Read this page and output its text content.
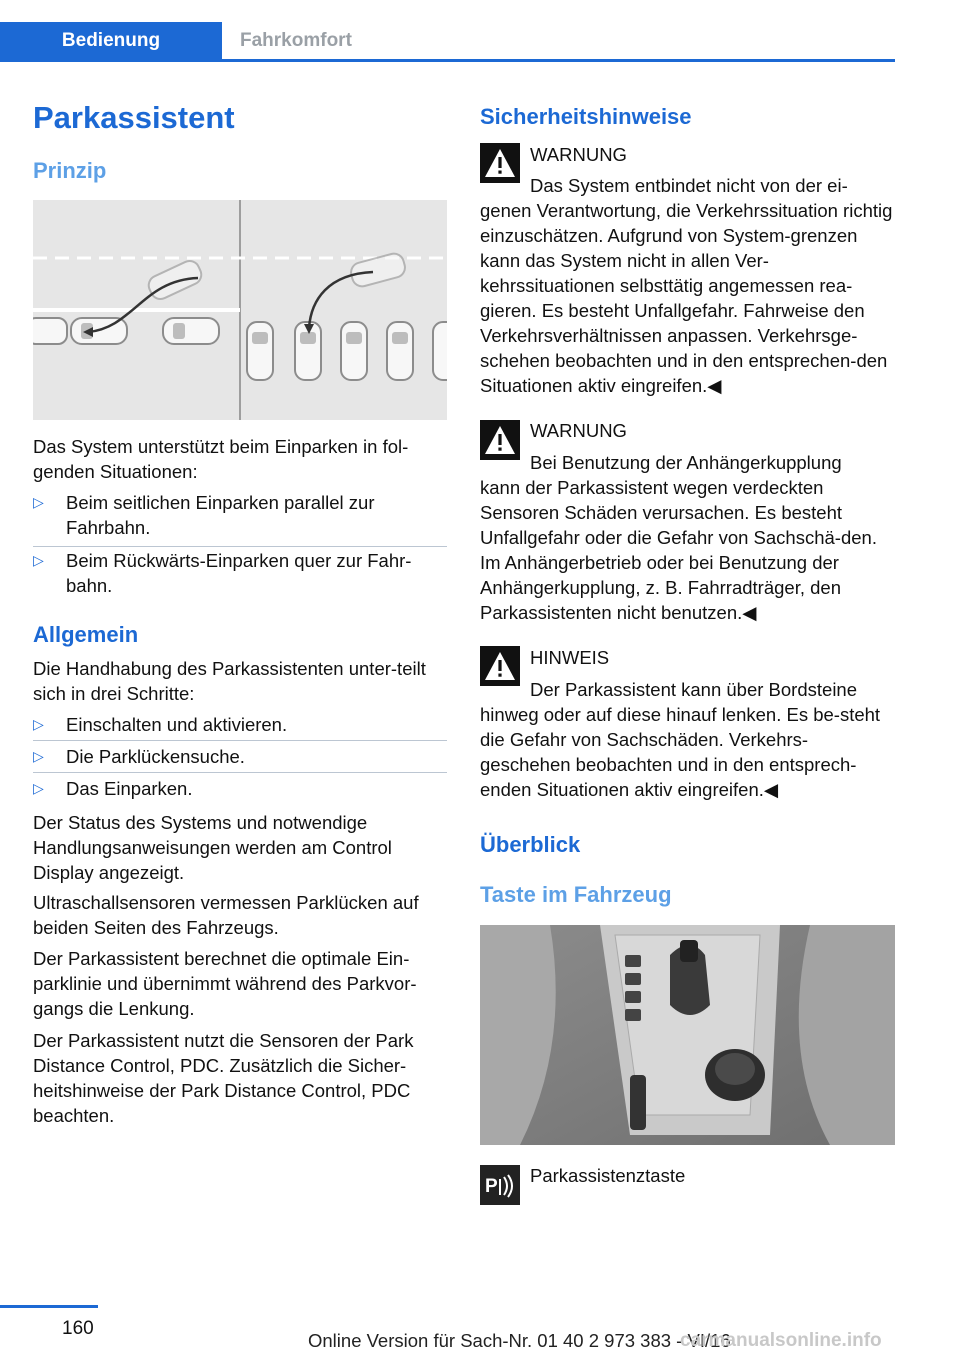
Bedienung	Fahrkomfort
Parkassistent
Prinzip

Das System unterstützt beim Einparken in fol-genden Situationen:

▷ Beim seitlichen Einparken parallel zur Fahrbahn.
▷ Beim Rückwärts-Einparken quer zur Fahr-bahn.
Allgemein

Die Handhabung des Parkassistenten unter-teilt sich in drei Schritte:

▷ Einschalten und aktivieren.
▷ Die Parklückensuche.
▷ Das Einparken.

Der Status des Systems und notwendige Handlungsanweisungen werden am Control Display angezeigt.

Ultraschallsensoren vermessen Parklücken auf beiden Seiten des Fahrzeugs.

Der Parkassistent berechnet die optimale Ein-parklinie und übernimmt während des Parkvor-gangs die Lenkung.

Der Parkassistent nutzt die Sensoren der Park Distance Control, PDC. Zusätzlich die Sicher-heitshinweise der Park Distance Control, PDC beachten.

Sicherheitshinweise
WARNUNG
Das System entbindet nicht von der ei-

genen Verantwortung, die Verkehrssituation richtig einzuschätzen. Aufgrund von System-grenzen kann das System nicht in allen Ver-kehrssituationen selbsttätig angemessen rea-gieren. Es besteht Unfallgefahr. Fahrweise den Verkehrsverhältnissen anpassen. Verkehrsge-schehen beobachten und in den entsprechen-den Situationen aktiv eingreifen.◀

WARNUNG
Bei Benutzung der Anhängerkupplung

kann der Parkassistent wegen verdeckten Sensoren Schäden verursachen. Es besteht Unfallgefahr oder die Gefahr von Sachschä-den. Im Anhängerbetrieb oder bei Benutzung der Anhängerkupplung, z. B. Fahrradträger, den Parkassistenten nicht benutzen.◀

HINWEIS
Der Parkassistent kann über Bordsteine

hinweg oder auf diese hinauf lenken. Es be-steht die Gefahr von Sachschäden. Verkehrs-geschehen beobachten und in den entsprech-enden Situationen aktiv eingreifen.◀

Überblick
Taste im Fahrzeug
P
Parkassistenztaste
160
Online Version für Sach-Nr. 01 40 2 973 383 - VI/16
carmanualsonline.info
